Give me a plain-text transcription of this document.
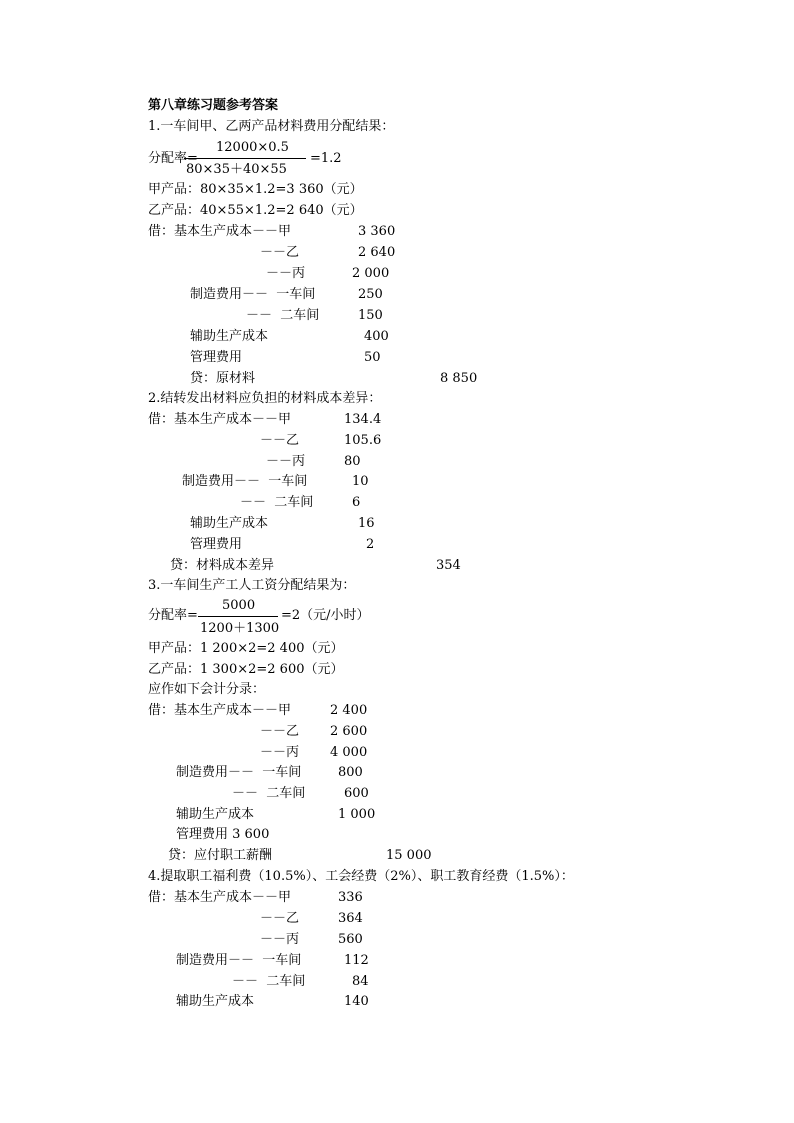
第八章练习题参考答案
1.一车间甲、乙两产品材料费用分配结果：
12000×0.5
分配率=	=1.2
80×35＋40×55
甲产品：80×35×1.2=3 360（元）
乙产品：40×55×1.2=2 640（元）
借：基本生产成本－－甲	3 360
－－乙	2 640
－－丙	2 000
制造费用－－  一车间	250
－－  二车间	150
辅助生产成本	400
管理费用	50
贷：原材料	8 850
2.结转发出材料应负担的材料成本差异：
借：基本生产成本－－甲	134.4
－－乙	105.6
－－丙	80
制造费用－－  一车间	10
－－  二车间	6
辅助生产成本	16
管理费用	2
贷：材料成本差异	354
3.一车间生产工人工资分配结果为：
5000
分配率=	=2（元/小时）
1200＋1300
甲产品：1 200×2=2 400（元）
乙产品：1 300×2=2 600（元）
应作如下会计分录：
借：基本生产成本－－甲	2 400
－－乙 2 600
－－丙 4 000
制造费用－－  一车间	800
－－  二车间	600
辅助生产成本	1 000
管理费用 3 600
贷：应付职工薪酬	15 000
4.提取职工福利费（10.5%）、工会经费（2%）、职工教育经费（1.5%）：
借：基本生产成本－－甲	336
－－乙	364
－－丙	560
制造费用－－  一车间	112
－－  二车间	84
辅助生产成本	140
